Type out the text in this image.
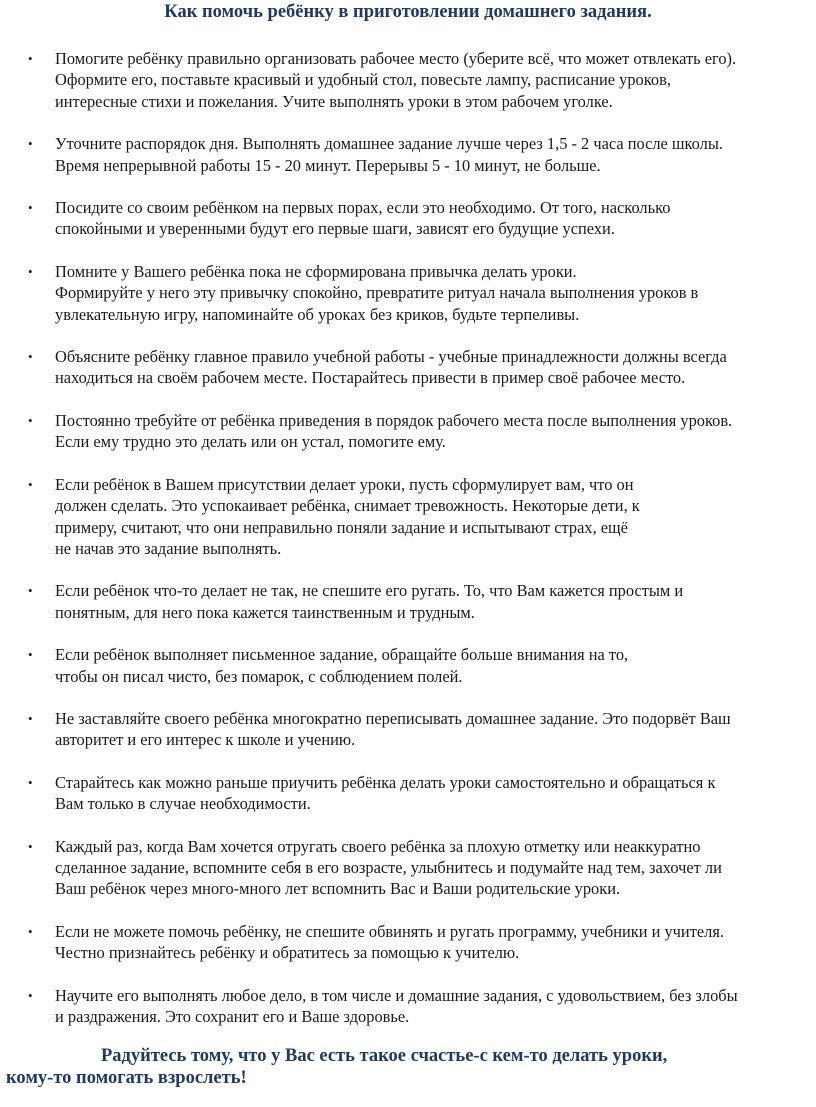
Как помочь ребёнку в приготовлении домашнего задания.
• Помогите ребёнку правильно организовать рабочее место (уберите всё, что может отвлекать его).
Оформите его, поставьте красивый и удобный стол, повесьте лампу, расписание уроков,
интересные стихи и пожелания. Учите выполнять уроки в этом рабочем уголке.
• Уточните распорядок дня. Выполнять домашнее задание лучше через 1,5 - 2 часа после школы.
Время непрерывной работы 15 - 20 минут. Перерывы 5 - 10 минут, не больше.
• Посидите со своим ребёнком на первых порах, если это необходимо. От того, насколько
спокойными и уверенными будут его первые шаги, зависят его будущие успехи.
• Помните у Вашего ребёнка пока не сформирована привычка делать уроки.
Формируйте у него эту привычку спокойно, превратите ритуал начала выполнения уроков в
увлекательную игру, напоминайте об уроках без криков, будьте терпеливы.
• Объясните ребёнку главное правило учебной работы - учебные принадлежности должны всегда
находиться на своём рабочем месте. Постарайтесь привести в пример своё рабочее место.
• Постоянно требуйте от ребёнка приведения в порядок рабочего места после выполнения уроков.
Если ему трудно это делать или он устал, помогите ему.
• Если ребёнок в Вашем присутствии делает уроки, пусть сформулирует вам, что он
должен сделать. Это успокаивает ребёнка, снимает тревожность. Некоторые дети, к
примеру, считают, что они неправильно поняли задание и испытывают страх, ещё
не начав это задание выполнять.
• Если ребёнок что-то делает не так, не спешите его ругать. То, что Вам кажется простым и
понятным, для него пока кажется таинственным и трудным.
• Если ребёнок выполняет письменное задание, обращайте больше внимания на то,
чтобы он писал чисто, без помарок, с соблюдением полей.
• Не заставляйте своего ребёнка многократно переписывать домашнее задание. Это подорвёт Ваш
авторитет и его интерес к школе и учению.
• Старайтесь как можно раньше приучить ребёнка делать уроки самостоятельно и обращаться к
Вам только в случае необходимости.
• Каждый раз, когда Вам хочется отругать своего ребёнка за плохую отметку или неаккуратно
сделанное задание, вспомните себя в его возрасте, улыбнитесь и подумайте над тем, захочет ли
Ваш ребёнок через много-много лет вспомнить Вас и Ваши родительские уроки.
• Если не можете помочь ребёнку, не спешите обвинять и ругать программу, учебники и учителя.
Честно признайтесь ребёнку и обратитесь за помощью к учителю.
• Научите его выполнять любое дело, в том числе и домашние задания, с удовольствием, без злобы
и раздражения. Это сохранит его и Ваше здоровье.
Радуйтесь тому, что у Вас есть такое счастье-с кем-то делать уроки,
кому-то помогать взрослеть!
